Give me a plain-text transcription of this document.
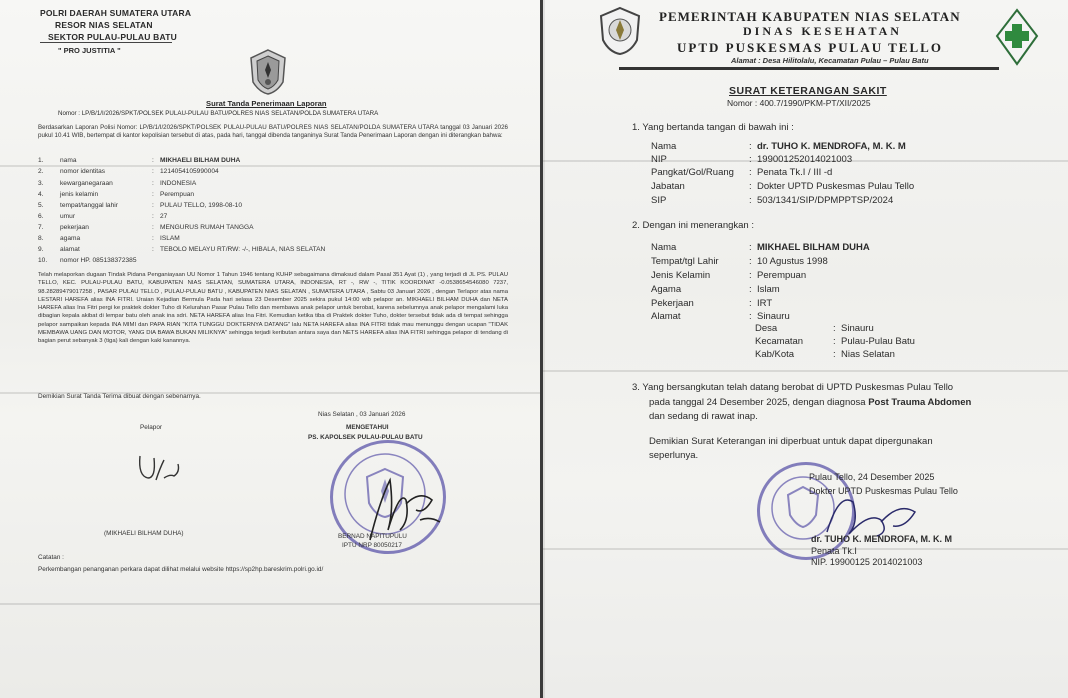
POLRI DAERAH SUMATERA UTARA
RESOR NIAS SELATAN
SEKTOR PULAU-PULAU BATU
" PRO JUSTITIA "
Surat Tanda Penerimaan Laporan
Nomor : LP/B/1/I/2026/SPKT/POLSEK PULAU-PULAU BATU/POLRES NIAS SELATAN/POLDA SUMATERA UTARA
Berdasarkan Laporan Polisi Nomor: LP/B/1/I/2026/SPKT/POLSEK PULAU-PULAU BATU/POLRES NIAS SELATAN/POLDA SUMATERA UTARA tanggal 03 Januari 2026 pukul 10.41 WIB, bertempat di kantor kepolisian tersebut di atas, pada hari, tanggal dibenda tanganinya Surat Tanda Penerimaan Laporan dengan ini diterangkan bahwa:
1.	nama	: MIKHAELI BILHAM DUHA
2.	nomor identitas	: 1214054105990004
3.	kewarganegaraan	: INDONESIA
4.	jenis kelamin	: Perempuan
5.	tempat/tanggal lahir	: PULAU TELLO, 1998-08-10
6.	umur	: 27
7.	pekerjaan	: MENGURUS RUMAH TANGGA
8.	agama	: ISLAM
9.	alamat	: TEBOLO MELAYU RT/RW: -/-, HIBALA, NIAS SELATAN
10. nomor HP. 085138372385
Telah melaporkan dugaan Tindak Pidana Penganiayaan UU Nomor 1 Tahun 1946 tentang KUHP sebagaimana dimaksud dalam Pasal 351 Ayat (1) , yang terjadi di JL PS. PULAU TELLO, KEC. PULAU-PULAU BATU, KABUPATEN NIAS SELATAN, SUMATERA UTARA, INDONESIA, RT -, RW -, TITIK KOORDINAT -0.0538654546080 7237, 98.28289479017258 , PASAR PULAU TELLO , PULAU-PULAU BATU , KABUPATEN NIAS SELATAN , SUMATERA UTARA , Sabtu 03 Januari 2026 , dengan Terlapor atas nama LESTARI HAREFA alias INA FITRI. Uraian Kejadian Bermula Pada hari selasa 23 Desember 2025 sekira pukul 14:00 wib pelapor an. MIKHAELI BILHAM DUHA dan NETA HAREFA alias Ina Fitri pergi ke praktek dokter Tuho di Kelurahan Pasar Pulau Tello dan membawa anak pelapor untuk berobat, karena sebelumnya anak pelapor mengalami luka dibagian kepala akibat di lempar batu oleh anak ina sdri. NETA HAREFA alias Ina Fitri. Kemudian ketika tiba di Praktek dokter Tuho, dokter tersebut tidak ada di tempat sehingga pelapor sampaikan kepada INA MIMI dan PAPA RIAN "KITA TUNGGU DOKTERNYA DATANG" lalu NETA HAREFA alias INA FITRI tidak mau menunggu dengan ucapan "TIDAK MEMBAWA UANG DAN MOTOR, YANG DIA BAWA BUKAN MILIKNYA" sehingga terjadi keributan antara saya dan NETS HAREFA alias INA FITRI sehingga pelapor di tendang di bagian perut sebanyak 3 (tiga) kali dengan kaki kanannya.
Demikian Surat Tanda Terima dibuat dengan sebenarnya.
Nias Selatan , 03 Januari 2026
Pelapor	MENGETAHUI
PS. KAPOLSEK PULAU-PULAU BATU
(MIKHAELI BILHAM DUHA)	BERNAD NAPITUPULU
IPTU NRP 80050217
Catatan :
Perkembangan penanganan perkara dapat dilihat melalui website https://sp2hp.bareskrim.polri.go.id/
PEMERINTAH KABUPATEN NIAS SELATAN
DINAS KESEHATAN
UPTD PUSKESMAS PULAU TELLO
Alamat : Desa Hilitolalu, Kecamatan Pulau – Pulau Batu
SURAT KETERANGAN SAKIT
Nomor : 400.7/1990/PKM-PT/XII/2025
1. Yang bertanda tangan di bawah ini :
Nama	: dr. TUHO K. MENDROFA, M. K. M
NIP	: 199001252014021003
Pangkat/Gol/Ruang : Penata Tk.I / III -d
Jabatan	: Dokter UPTD Puskesmas Pulau Tello
SIP	: 503/1341/SIP/DPMPPTSP/2024
2. Dengan ini menerangkan :
Nama	: MIKHAEL BILHAM DUHA
Tempat/tgl Lahir	: 10 Agustus 1998
Jenis Kelamin	: Perempuan
Agama	: Islam
Pekerjaan	: IRT
Alamat	: Sinauru
Desa	: Sinauru
Kecamatan	: Pulau-Pulau Batu
Kab/Kota	: Nias Selatan
3. Yang bersangkutan telah datang berobat di UPTD Puskesmas Pulau Tello
pada tanggal 24 Desember 2025, dengan diagnosa Post Trauma Abdomen
dan sedang di rawat inap.
Demikian Surat Keterangan ini diperbuat untuk dapat dipergunakan
seperlunya.
Pulau Tello, 24 Desember 2025
Dokter UPTD Puskesmas Pulau Tello
dr. TUHO K. MENDROFA, M. K. M
Penata Tk.I
NIP. 19900125 2014021003
